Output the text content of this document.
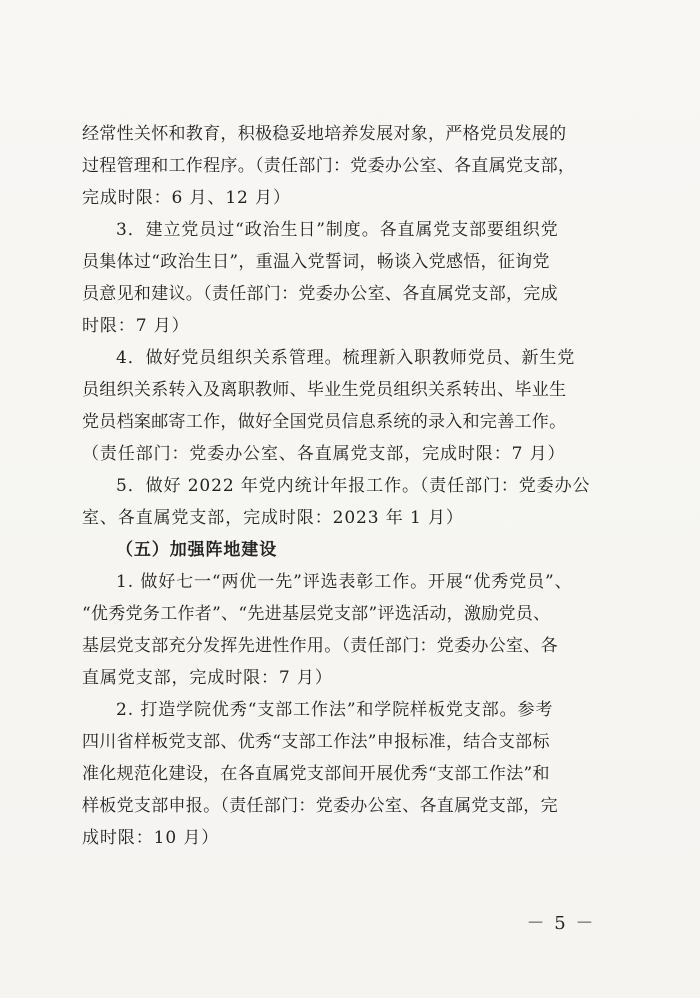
经常性关怀和教育，积极稳妥地培养发展对象，严格党员发展的
过程管理和工作程序。（责任部门：党委办公室、各直属党支部，
完成时限：6 月、12 月）
3．建立党员过“政治生日”制度。各直属党支部要组织党
员集体过“政治生日”，重温入党誓词，畅谈入党感悟，征询党
员意见和建议。（责任部门：党委办公室、各直属党支部，完成
时限：7 月）
4．做好党员组织关系管理。梳理新入职教师党员、新生党
员组织关系转入及离职教师、毕业生党员组织关系转出、毕业生
党员档案邮寄工作，做好全国党员信息系统的录入和完善工作。
（责任部门：党委办公室、各直属党支部，完成时限：7 月）
5．做好 2022 年党内统计年报工作。（责任部门：党委办公
室、各直属党支部，完成时限：2023 年 1 月）
（五）加强阵地建设
1. 做好七一“两优一先”评选表彰工作。开展“优秀党员”、
“优秀党务工作者”、“先进基层党支部”评选活动，激励党员、
基层党支部充分发挥先进性作用。（责任部门：党委办公室、各
直属党支部，完成时限：7 月）
2. 打造学院优秀“支部工作法”和学院样板党支部。参考
四川省样板党支部、优秀“支部工作法”申报标准，结合支部标
准化规范化建设，在各直属党支部间开展优秀“支部工作法”和
样板党支部申报。（责任部门：党委办公室、各直属党支部，完
成时限：10 月）
－ 5 －
